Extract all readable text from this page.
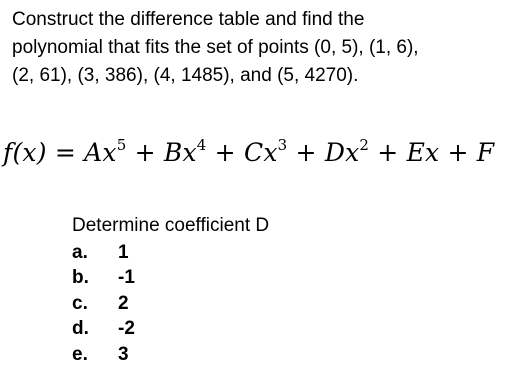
Construct the difference table and find the
polynomial that fits the set of points (0, 5), (1, 6),
(2, 61), (3, 386), (4, 1485), and (5, 4270).
$f(x) = Ax^5 + Bx^4 + Cx^3 + Dx^2 + Ex + F$
Determine coefficient D
a.	1
b.	-1
c.	2
d.	-2
e.	3
